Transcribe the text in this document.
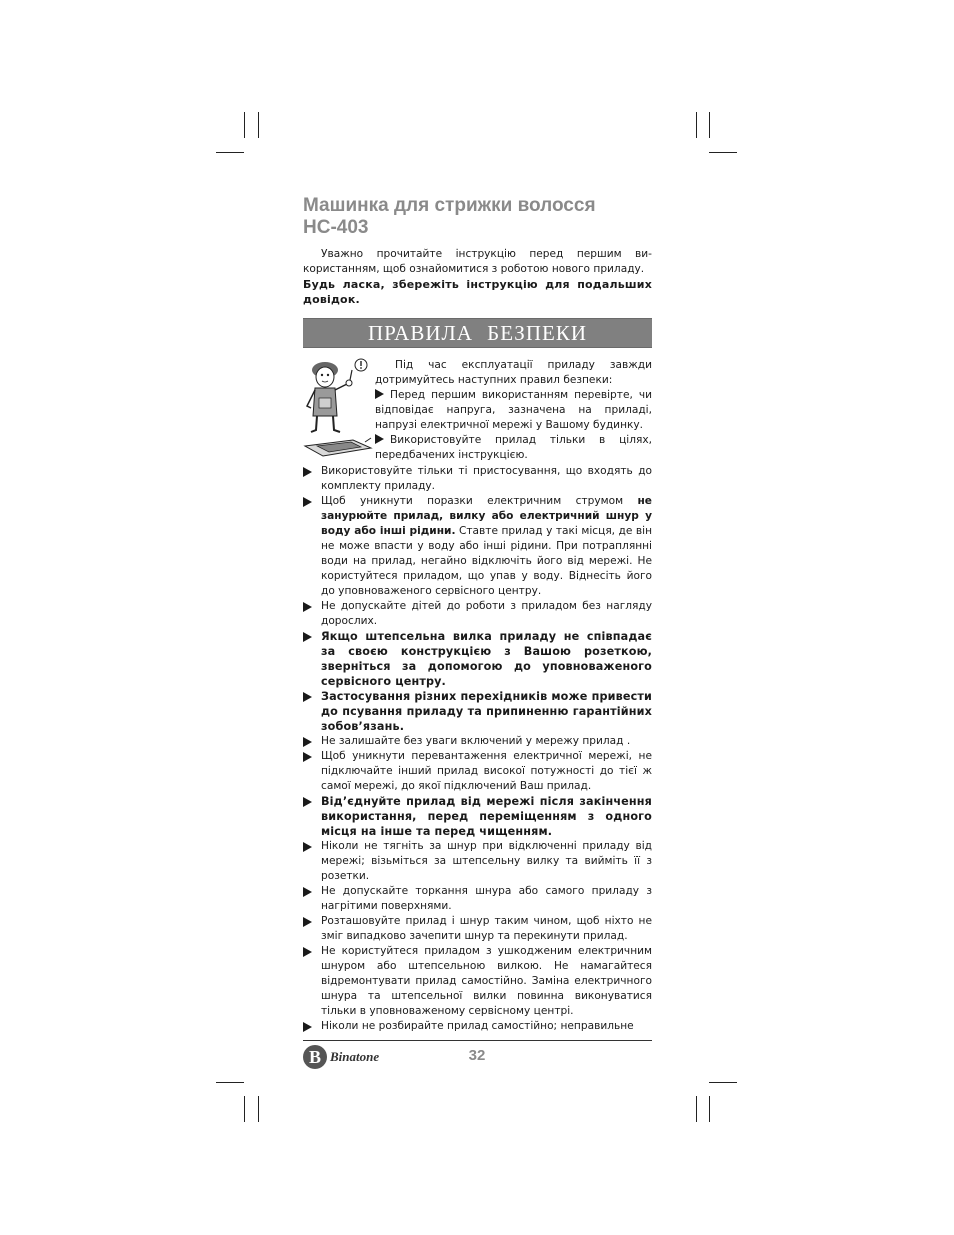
Машинка для стрижки волосся
HC-403

Уважно прочитайте інструкцію перед першим використанням, щоб ознайомитися з роботою нового приладу.

Будь ласка, збережіть інструкцію для подальших довідок.

ПРАВИЛА БЕЗПЕКИ

Під час експлуатації приладу завжди дотримуйтесь наступних правил безпеки:

Перед першим використанням перевірте, чи відповідає напруга, зазначена на приладі, напрузі електричної мережі у Вашому будинку.

Використовуйте прилад тільки в цілях, передбачених інструкцією.

Використовуйте тільки ті пристосування, що входять до комплекту приладу.
Щоб уникнути поразки електричним струмом не занурюйте прилад, вилку або електричний шнур у воду або інші рідини. Ставте прилад у такі місця, де він не може впасти у воду або інші рідини. При потраплянні води на прилад, негайно відключіть його від мережі. Не користуйтеся приладом, що упав у воду. Віднесіть його до уповноваженого сервісного центру.
Не допускайте дітей до роботи з приладом без нагляду дорослих.
Якщо штепсельна вилка приладу не співпадає за своєю конструкцією з Вашою розеткою, зверніться за допомогою до уповноваженого сервісного центру.
Застосування різних перехідників може привести до псування приладу та припиненню гарантійних зобов’язань.
Не залишайте без уваги включений у мережу прилад .
Щоб уникнути перевантаження електричної мережі, не підключайте інший прилад високої потужності до тієї ж самої мережі, до якої підключений Ваш прилад.
Від’єднуйте прилад від мережі після закінчення використання, перед переміщенням з одного місця на інше та перед чищенням.
Ніколи не тягніть за шнур при відключенні приладу від мережі; візьміться за штепсельну вилку та вийміть її з розетки.
Не допускайте торкання шнура або самого приладу з нагрітими поверхнями.
Розташовуйте прилад і шнур таким чином, щоб ніхто не зміг випадково зачепити шнур та перекинути прилад.
Не користуйтеся приладом з ушкодженим електричним шнуром або штепсельною вилкою. Не намагайтеся відремонтувати прилад самостійно. Заміна електричного шнура та штепсельної вилки повинна виконуватися тільки в уповноваженому сервісному центрі.
Ніколи не розбирайте прилад самостійно; неправильне
B Binatone	32
